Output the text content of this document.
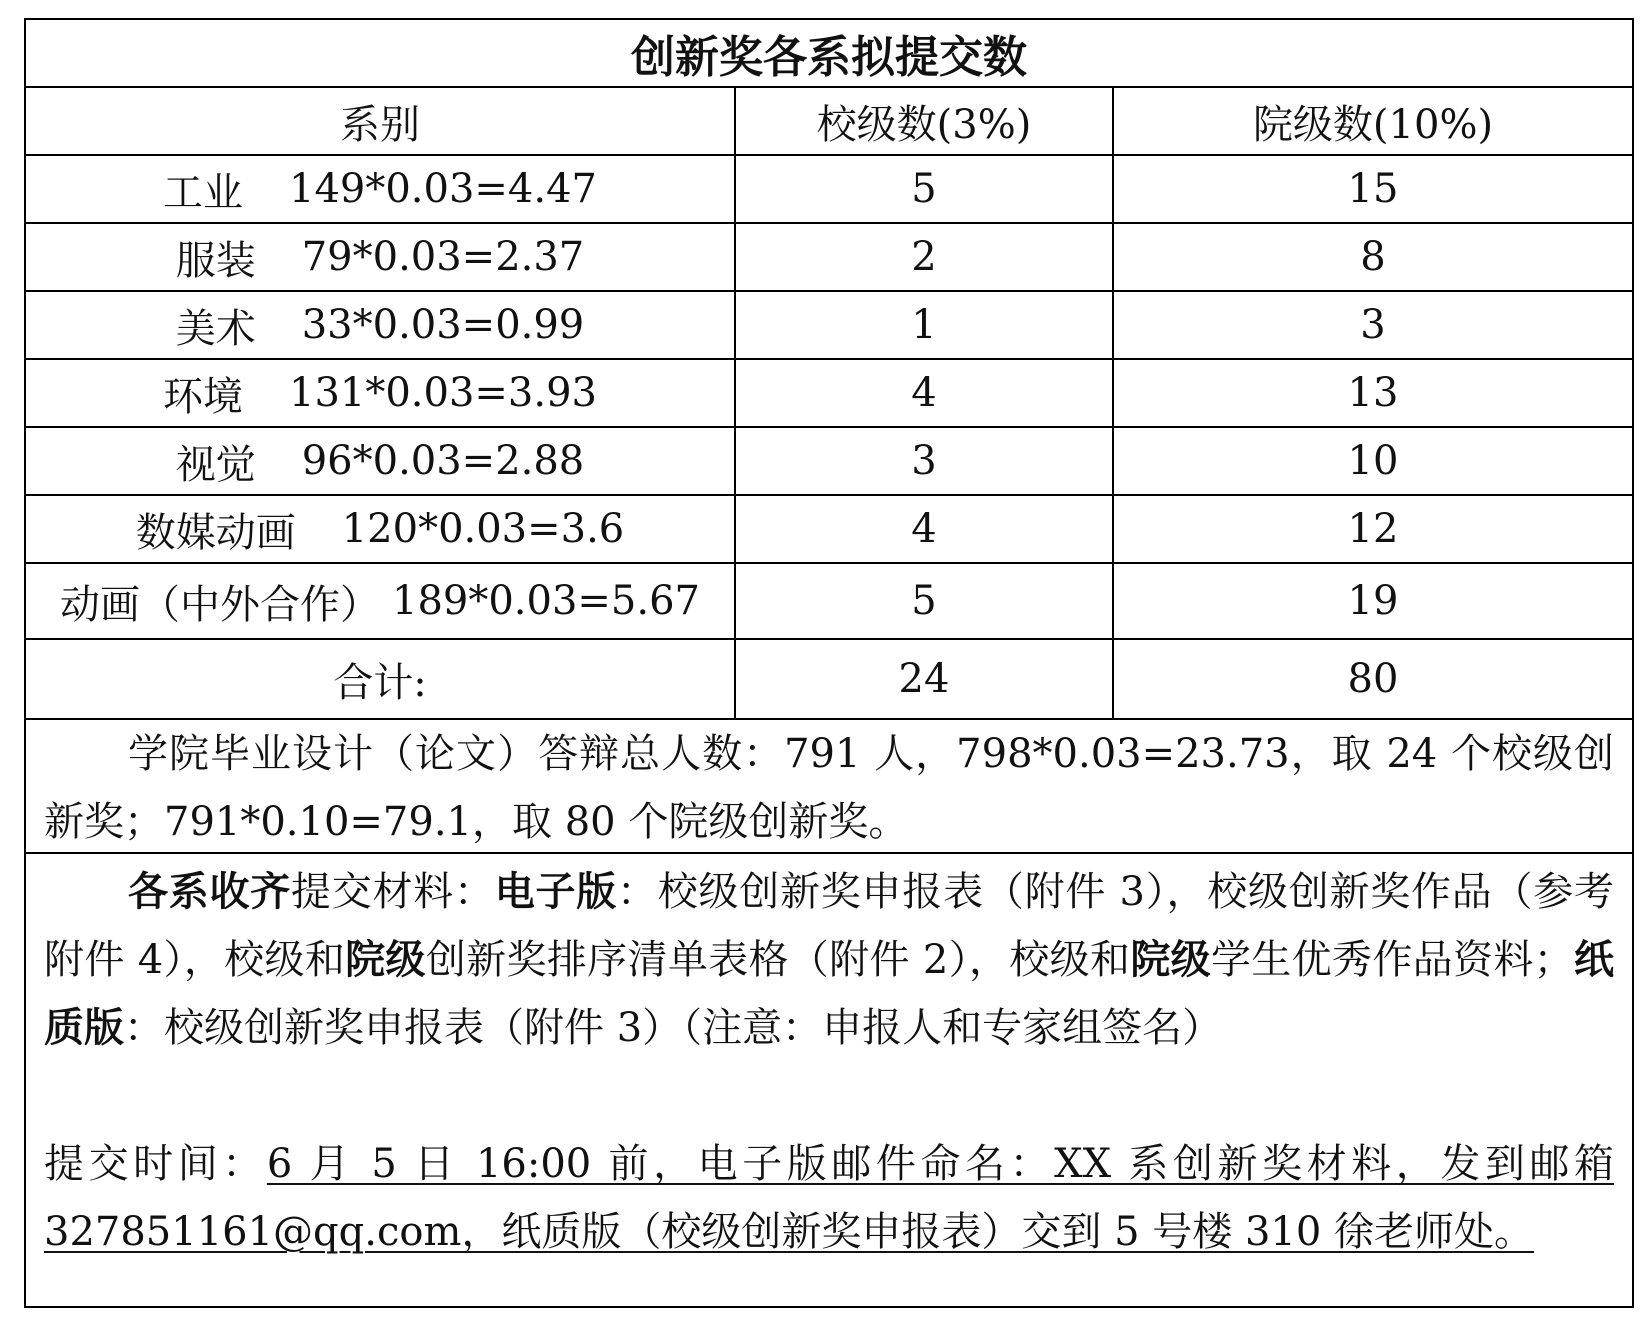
创新奖各系拟提交数
系别	校级数(3%)	院级数(10%)
工业 149*0.03=4.47	5	15
服装 79*0.03=2.37	2	8
美术 33*0.03=0.99	1	3
环境 131*0.03=3.93	4	13
视觉 96*0.03=2.88	3	10
数媒动画 120*0.03=3.6	4	12
动画（中外合作） 189*0.03=5.67	5	19
合计:	24	80
学院毕业设计（论文）答辩总人数：791 人，798*0.03=23.73，取 24 个校级创新奖；791*0.10=79.1，取 80 个院级创新奖。
各系收齐提交材料：电子版：校级创新奖申报表（附件 3），校级创新奖作品（参考附件 4），校级和院级创新奖排序清单表格（附件 2），校级和院级学生优秀作品资料；纸质版：校级创新奖申报表（附件 3）（注意：申报人和专家组签名）
提交时间：6 月 5 日 16:00 前，电子版邮件命名：XX 系创新奖材料，发到邮箱 327851161@qq.com，纸质版（校级创新奖申报表）交到 5 号楼 310 徐老师处。
